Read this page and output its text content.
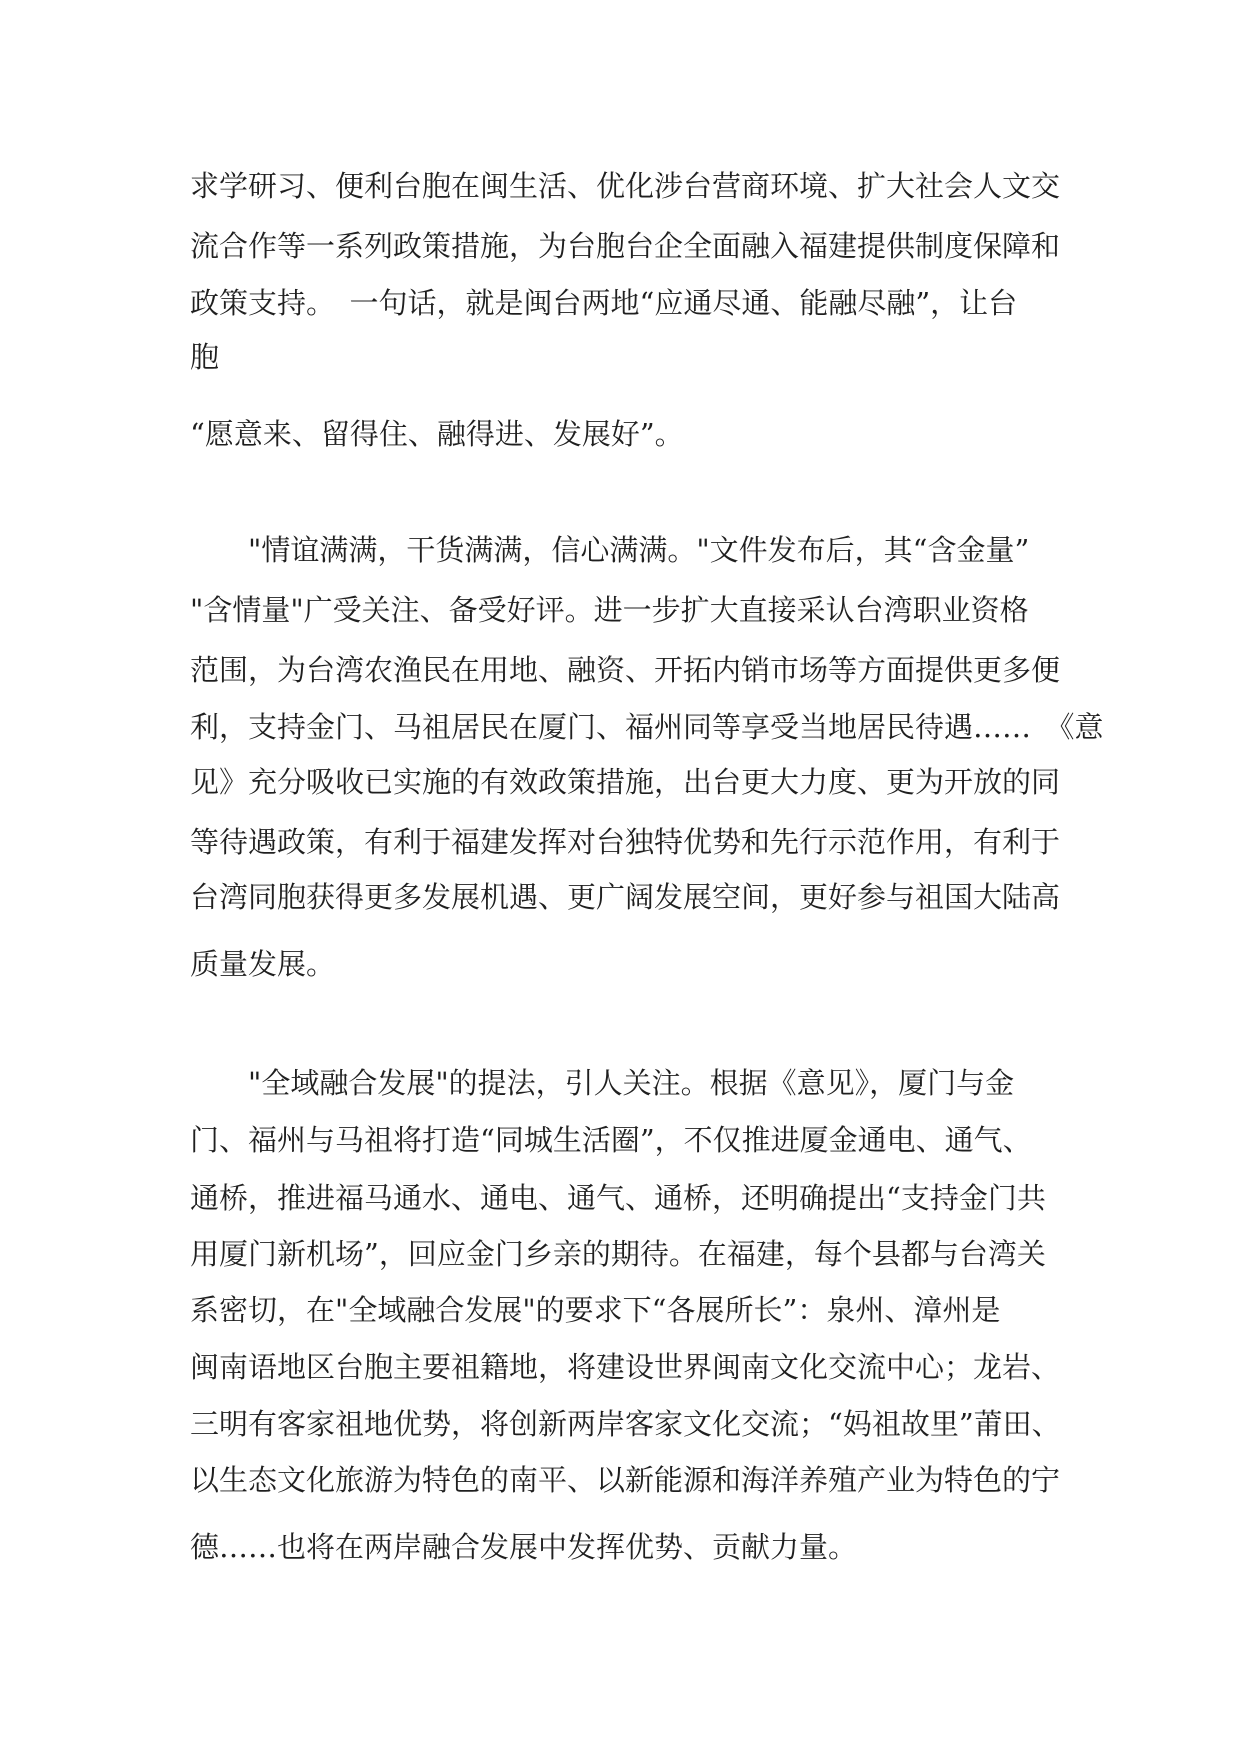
求学研习、便利台胞在闽生活、优化涉台营商环境、扩大社会人文交

流合作等一系列政策措施，为台胞台企全面融入福建提供制度保障和

政策支持。　一句话，就是闽台两地“应通尽通、能融尽融”，让台

胞

“愿意来、留得住、融得进、发展好”。

　　"情谊满满，干货满满，信心满满。"文件发布后，其“含金量”

"含情量"广受关注、备受好评。进一步扩大直接采认台湾职业资格

范围，为台湾农渔民在用地、融资、开拓内销市场等方面提供更多便

利，支持金门、马祖居民在厦门、福州同等享受当地居民待遇……　《意

见》充分吸收已实施的有效政策措施，出台更大力度、更为开放的同

等待遇政策，有利于福建发挥对台独特优势和先行示范作用，有利于

台湾同胞获得更多发展机遇、更广阔发展空间，更好参与祖国大陆高

质量发展。

　　"全域融合发展"的提法，引人关注。根据《意见》，厦门与金

门、福州与马祖将打造“同城生活圈”，不仅推进厦金通电、通气、

通桥，推进福马通水、通电、通气、通桥，还明确提出“支持金门共

用厦门新机场”，回应金门乡亲的期待。在福建，每个县都与台湾关

系密切，在"全域融合发展"的要求下“各展所长”：泉州、漳州是

闽南语地区台胞主要祖籍地，将建设世界闽南文化交流中心；龙岩、

三明有客家祖地优势，将创新两岸客家文化交流；“妈祖故里”莆田、

以生态文化旅游为特色的南平、以新能源和海洋养殖产业为特色的宁

德……也将在两岸融合发展中发挥优势、贡献力量。
